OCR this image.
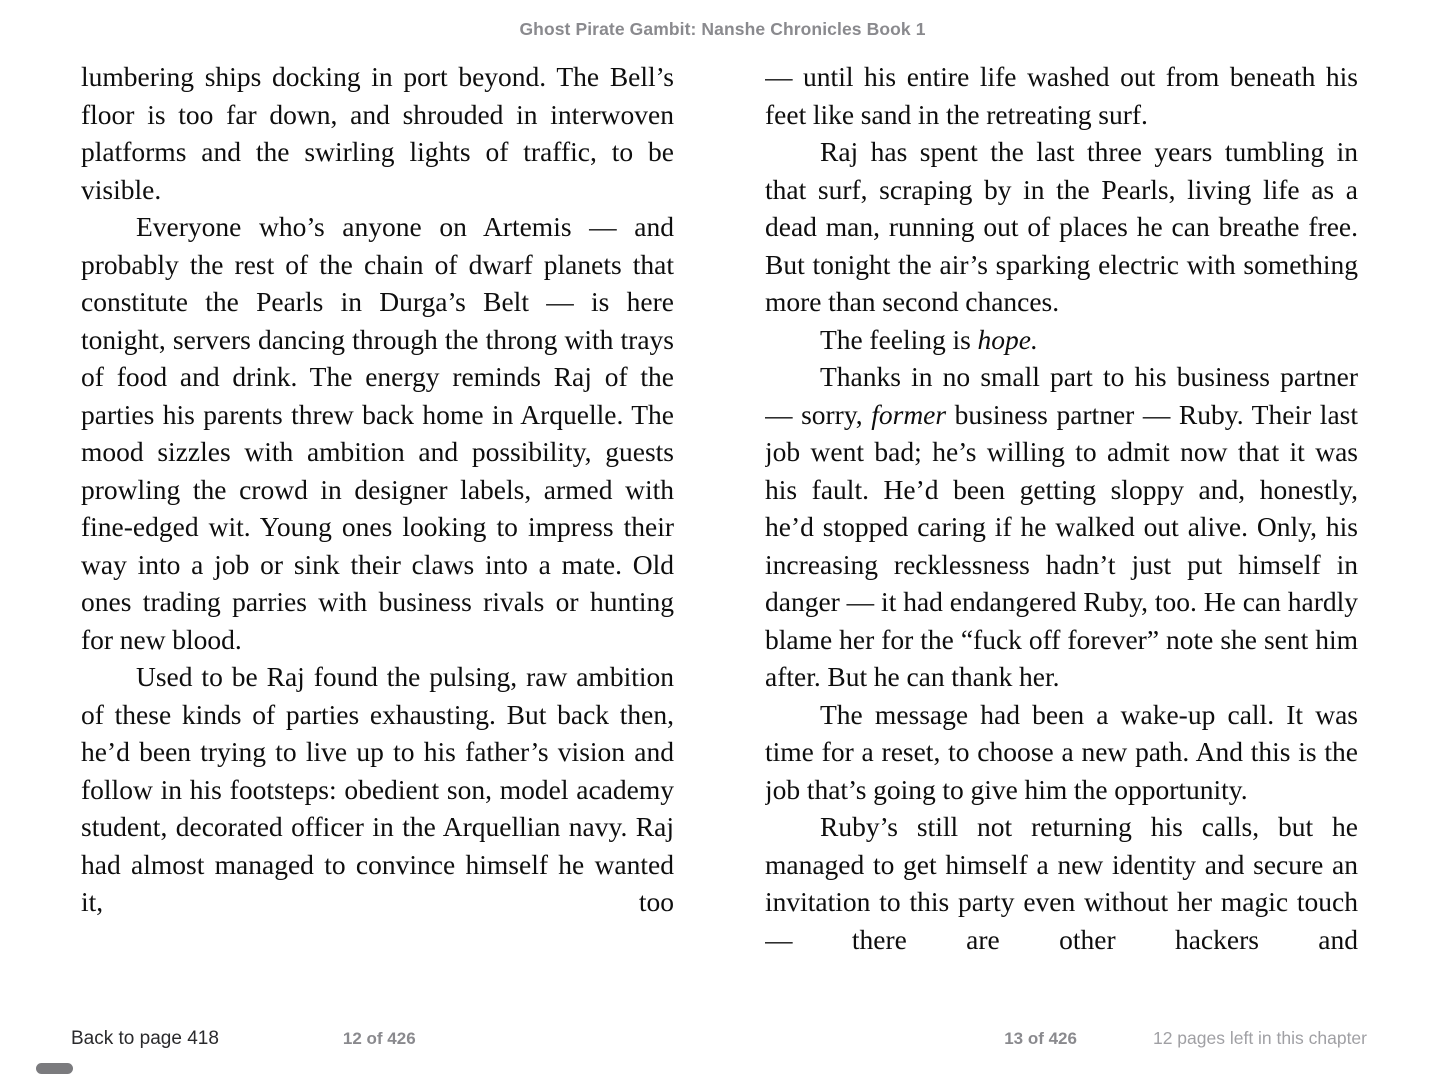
Ghost Pirate Gambit: Nanshe Chronicles Book 1

lumbering ships docking in port beyond. The Bell’s floor is too far down, and shrouded in interwoven platforms and the swirling lights of traffic, to be visible.

Everyone who’s anyone on Artemis — and probably the rest of the chain of dwarf planets that constitute the Pearls in Durga’s Belt — is here tonight, servers dancing through the throng with trays of food and drink. The energy reminds Raj of the parties his parents threw back home in Arquelle. The mood sizzles with ambition and possibility, guests prowling the crowd in designer labels, armed with fine-edged wit. Young ones looking to impress their way into a job or sink their claws into a mate. Old ones trading parries with business rivals or hunting for new blood.

Used to be Raj found the pulsing, raw ambition of these kinds of parties exhausting. But back then, he’d been trying to live up to his father’s vision and follow in his footsteps: obedient son, model academy student, decorated officer in the Arquellian navy. Raj had almost managed to convince himself he wanted it, too

— until his entire life washed out from beneath his feet like sand in the retreating surf.

Raj has spent the last three years tumbling in that surf, scraping by in the Pearls, living life as a dead man, running out of places he can breathe free. But tonight the air’s sparking electric with something more than second chances.

The feeling is hope.

Thanks in no small part to his business partner — sorry, former business partner — Ruby. Their last job went bad; he’s willing to admit now that it was his fault. He’d been getting sloppy and, honestly, he’d stopped caring if he walked out alive. Only, his increasing recklessness hadn’t just put himself in danger — it had endangered Ruby, too. He can hardly blame her for the “fuck off forever” note she sent him after. But he can thank her.

The message had been a wake-up call. It was time for a reset, to choose a new path. And this is the job that’s going to give him the opportunity.

Ruby’s still not returning his calls, but he managed to get himself a new identity and secure an invitation to this party even without her magic touch — there are other hackers and

Back to page 418	12 of 426	13 of 426	12 pages left in this chapter
